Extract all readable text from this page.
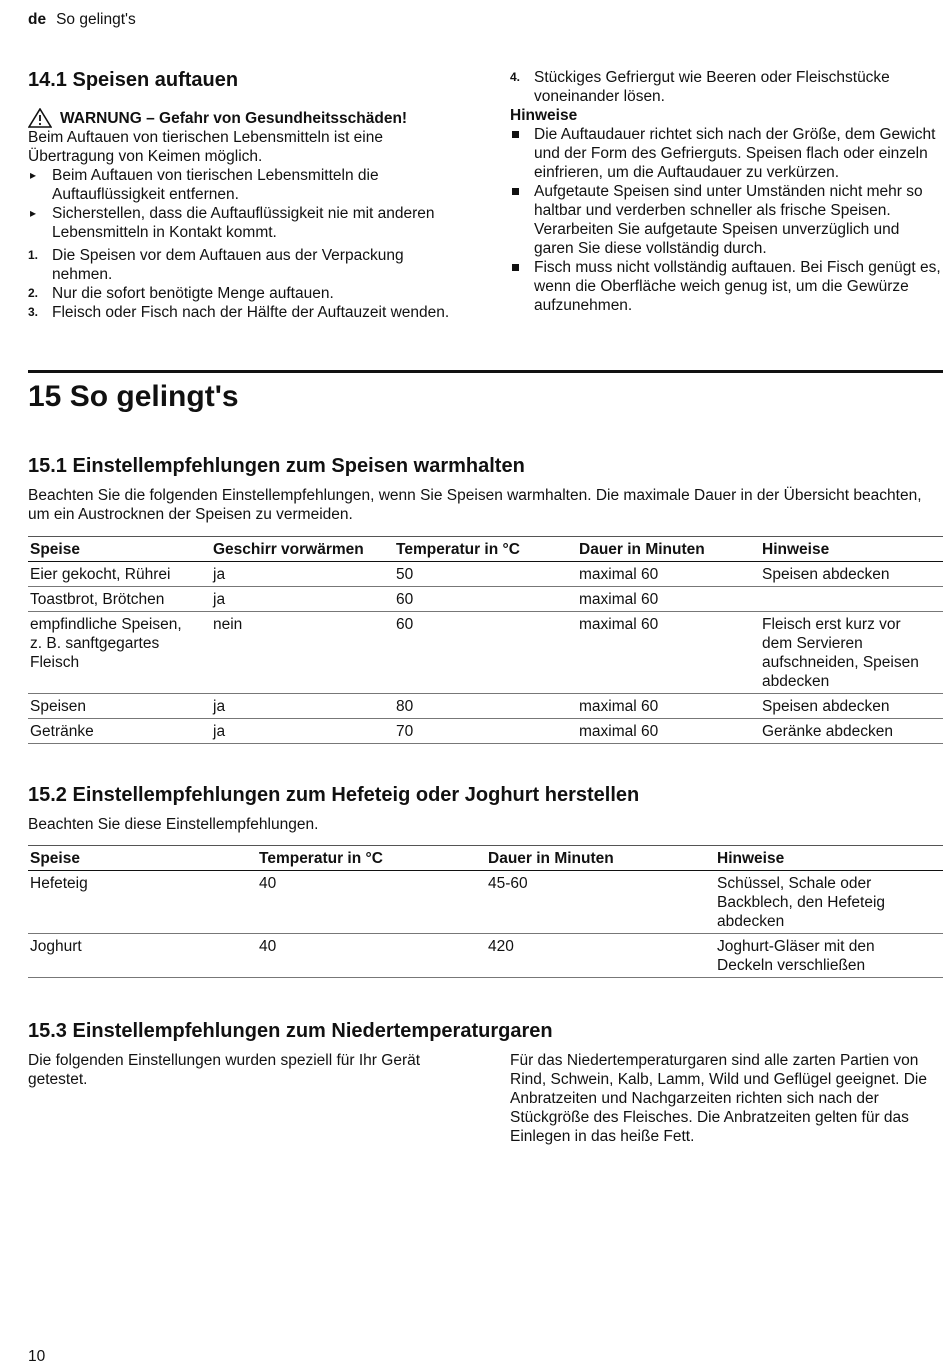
de So gelingt's
14.1 Speisen auftauen
WARNUNG – Gefahr von Gesundheitsschäden!

Beim Auftauen von tierischen Lebensmitteln ist eine Übertragung von Keimen möglich.

▸ Beim Auftauen von tierischen Lebensmitteln die Auftauflüssigkeit entfernen.
▸ Sicherstellen, dass die Auftauflüssigkeit nie mit anderen Lebensmitteln in Kontakt kommt.
1. Die Speisen vor dem Auftauen aus der Verpackung nehmen.
2. Nur die sofort benötigte Menge auftauen.
3. Fleisch oder Fisch nach der Hälfte der Auftauzeit wenden.
4. Stückiges Gefriergut wie Beeren oder Fleischstücke voneinander lösen.
Hinweise
Die Auftaudauer richtet sich nach der Größe, dem Gewicht und der Form des Gefrierguts. Speisen flach oder einzeln einfrieren, um die Auftaudauer zu verkürzen.
Aufgetaute Speisen sind unter Umständen nicht mehr so haltbar und verderben schneller als frische Speisen. Verarbeiten Sie aufgetaute Speisen unverzüglich und garen Sie diese vollständig durch.
Fisch muss nicht vollständig auftauen. Bei Fisch genügt es, wenn die Oberfläche weich genug ist, um die Gewürze aufzunehmen.
15 So gelingt's
15.1 Einstellempfehlungen zum Speisen warmhalten

Beachten Sie die folgenden Einstellempfehlungen, wenn Sie Speisen warmhalten. Die maximale Dauer in der Übersicht beachten, um ein Austrocknen der Speisen zu vermeiden.

Speise	Geschirr vorwärmen	Temperatur in °C	Dauer in Minuten	Hinweise
Eier gekocht, Rührei	ja	50	maximal 60	Speisen abdecken
Toastbrot, Brötchen	ja	60	maximal 60	
empfindliche Speisen, z. B. sanftgegartes Fleisch	nein	60	maximal 60	Fleisch erst kurz vor dem Servieren aufschneiden, Speisen abdecken
Speisen	ja	80	maximal 60	Speisen abdecken
Getränke	ja	70	maximal 60	Geränke abdecken
15.2 Einstellempfehlungen zum Hefeteig oder Joghurt herstellen

Beachten Sie diese Einstellempfehlungen.

Speise	Temperatur in °C	Dauer in Minuten	Hinweise
Hefeteig	40	45-60	Schüssel, Schale oder Backblech, den Hefeteig abdecken
Joghurt	40	420	Joghurt-Gläser mit den Deckeln verschließen
15.3 Einstellempfehlungen zum Niedertemperaturgaren

Die folgenden Einstellungen wurden speziell für Ihr Gerät getestet.

Für das Niedertemperaturgaren sind alle zarten Partien von Rind, Schwein, Kalb, Lamm, Wild und Geflügel geeignet. Die Anbratzeiten und Nachgarzeiten richten sich nach der Stückgröße des Fleisches. Die Anbratzeiten gelten für das Einlegen in das heiße Fett.

10
